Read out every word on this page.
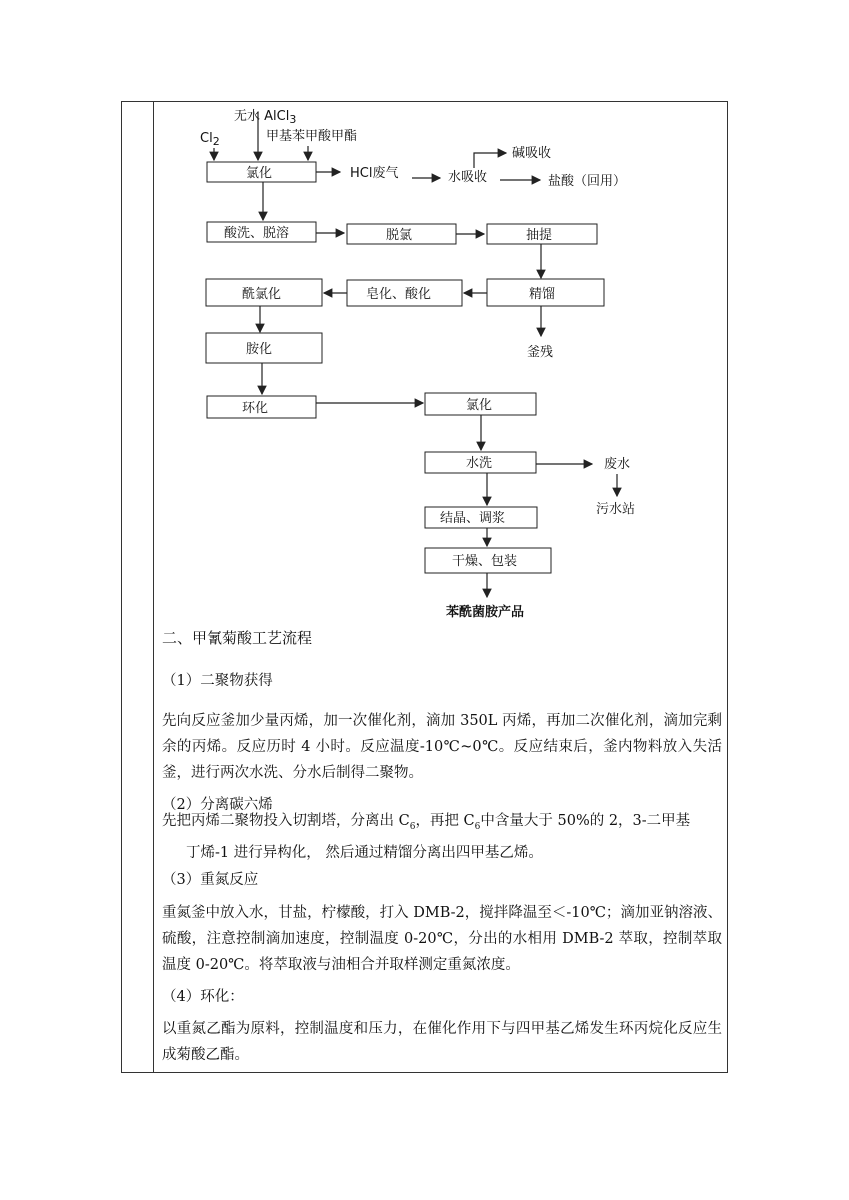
无水 AlCl$_3$
甲基苯甲酸甲酯
$Cl_2$
氯化	HCl废气	水吸收
碱吸收
盐酸（回用）
酸洗、脱溶	脱氯	抽提
酰氯化	皂化、酸化	精馏
釜残
胺化
环化	氯化
水洗	废水
污水站
结晶、调浆
干燥、包装
苯酰菌胺产品
二、甲氰菊酸工艺流程
（1）二聚物获得
先向反应釜加少量丙烯，加一次催化剂，滴加 350L 丙烯，再加二次催化剂，滴加完剩余的丙烯。反应历时 4 小时。反应温度-10℃~0℃。反应结束后，釜内物料放入失活釜，进行两次水洗、分水后制得二聚物。
（2）分离碳六烯
先把丙烯二聚物投入切割塔，分离出 $C_6$，再把 $C_6$中含量大于 50%的 2，3-二甲基
丁烯-1 进行异构化， 然后通过精馏分离出四甲基乙烯。
（3）重氮反应
重氮釜中放入水，甘盐，柠檬酸，打入 DMB-2，搅拌降温至＜-10℃；滴加亚钠溶液、硫酸，注意控制滴加速度，控制温度 0-20℃，分出的水相用 DMB-2 萃取，控制萃取温度 0-20℃。将萃取液与油相合并取样测定重氮浓度。
（4）环化：
以重氮乙酯为原料，控制温度和压力，在催化作用下与四甲基乙烯发生环丙烷化反应生成菊酸乙酯。
